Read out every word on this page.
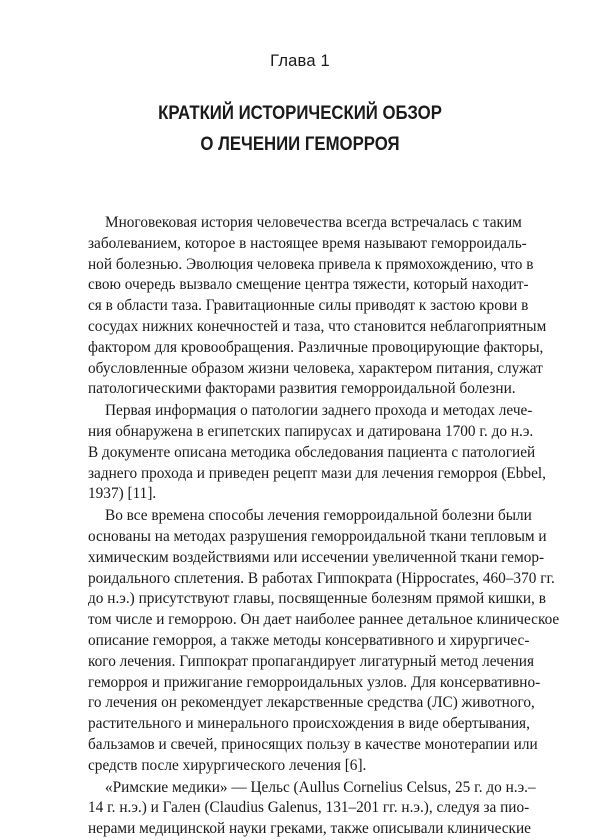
Глава 1
КРАТКИЙ ИСТОРИЧЕСКИЙ ОБЗОР
О ЛЕЧЕНИИ ГЕМОРРОЯ
Многовековая история человечества всегда встречалась с таким
заболеванием, которое в настоящее время называют геморроидаль-
ной болезнью. Эволюция человека привела к прямохождению, что в
свою очередь вызвало смещение центра тяжести, который находит-
ся в области таза. Гравитационные силы приводят к застою крови в
сосудах нижних конечностей и таза, что становится неблагоприятным
фактором для кровообращения. Различные провоцирующие факторы,
обусловленные образом жизни человека, характером питания, служат
патологическими факторами развития геморроидальной болезни.
Первая информация о патологии заднего прохода и методах лече-
ния обнаружена в египетских папирусах и датирована 1700 г. до н.э.
В документе описана методика обследования пациента с патологией
заднего прохода и приведен рецепт мази для лечения геморроя (Ebbel,
1937) [11].
Во все времена способы лечения геморроидальной болезни были
основаны на методах разрушения геморроидальной ткани тепловым и
химическим воздействиями или иссечении увеличенной ткани гемор-
роидального сплетения. В работах Гиппократа (Hippocrates, 460–370 гг.
до н.э.) присутствуют главы, посвященные болезням прямой кишки, в
том числе и геморрою. Он дает наиболее раннее детальное клиническое
описание геморроя, а также методы консервативного и хирургичес-
кого лечения. Гиппократ пропагандирует лигатурный метод лечения
геморроя и прижигание геморроидальных узлов. Для консервативно-
го лечения он рекомендует лекарственные средства (ЛС) животного,
растительного и минерального происхождения в виде обертывания,
бальзамов и свечей, приносящих пользу в качестве монотерапии или
средств после хирургического лечения [6].
«Римские медики» — Цельс (Aullus Cornelius Celsus, 25 г. до н.э.–
14 г. н.э.) и Гален (Claudius Galenus, 131–201 гг. н.э.), следуя за пио-
нерами медицинской науки греками, также описывали клинические
